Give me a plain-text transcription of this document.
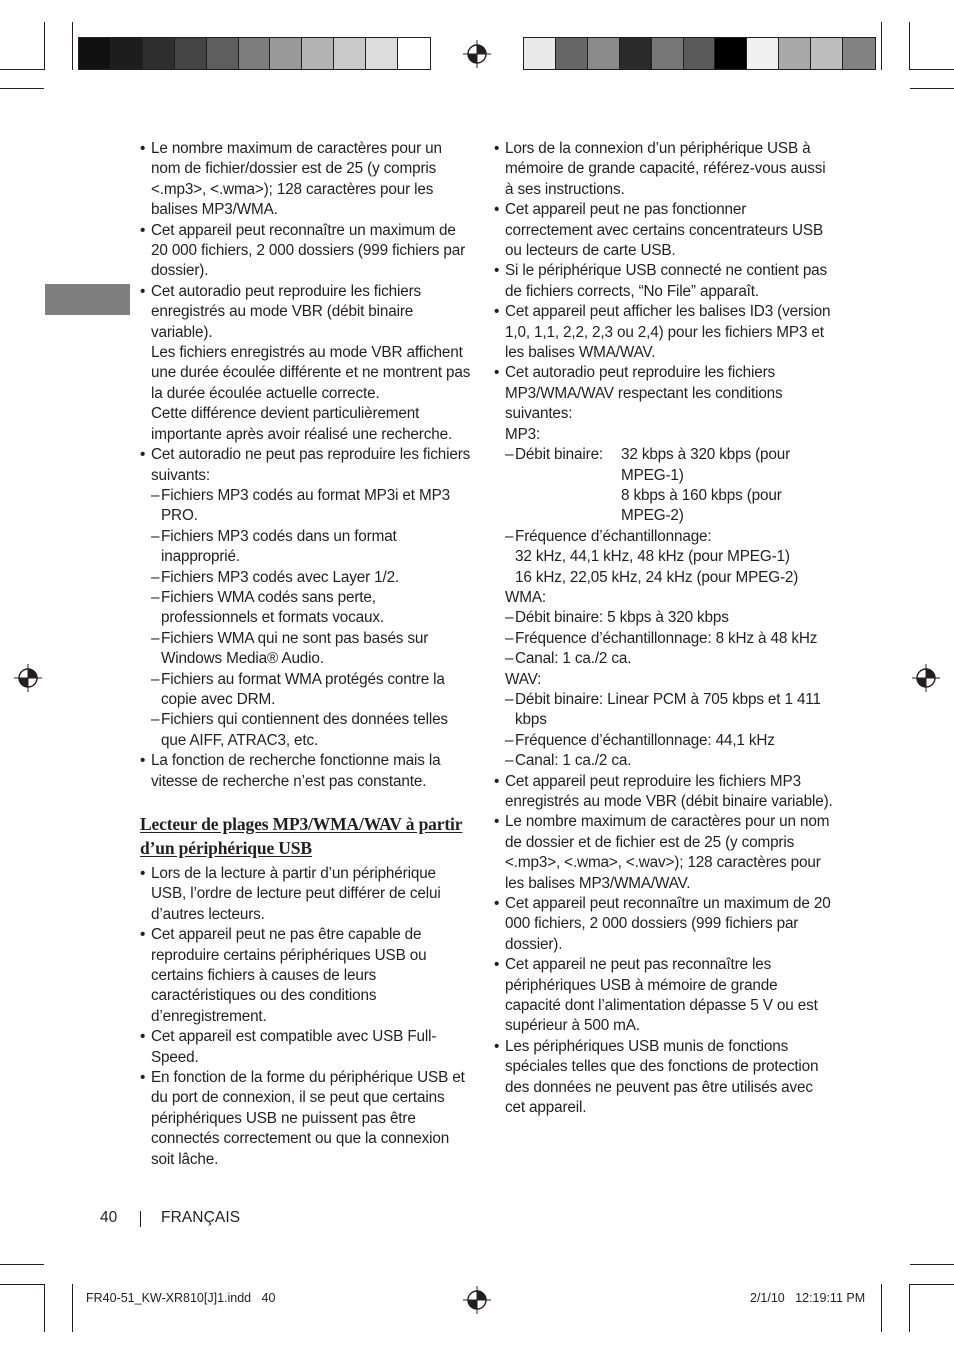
• Le nombre maximum de caractères pour un nom de fichier/dossier est de 25 (y compris <.mp3>, <.wma>); 128 caractères pour les balises MP3/WMA.
• Cet appareil peut reconnaître un maximum de 20 000 fichiers, 2 000 dossiers (999 fichiers par dossier).

• Cet autoradio peut reproduire les fichiers enregistrés au mode VBR (débit binaire variable).

Les fichiers enregistrés au mode VBR affichent une durée écoulée différente et ne montrent pas la durée écoulée actuelle correcte.

Cette différence devient particulièrement importante après avoir réalisé une recherche.

• Cet autoradio ne peut pas reproduire les fichiers suivants:
– Fichiers MP3 codés au format MP3i et MP3 PRO.
– Fichiers MP3 codés dans un format inapproprié.
– Fichiers MP3 codés avec Layer 1/2.
– Fichiers WMA codés sans perte, professionnels et formats vocaux.
– Fichiers WMA qui ne sont pas basés sur Windows Media® Audio.
– Fichiers au format WMA protégés contre la copie avec DRM.
– Fichiers qui contiennent des données telles que AIFF, ATRAC3, etc.
• La fonction de recherche fonctionne mais la vitesse de recherche n’est pas constante.
Lecteur de plages MP3/WMA/WAV à partir d’un périphérique USB
• Lors de la lecture à partir d’un périphérique USB, l’ordre de lecture peut différer de celui d’autres lecteurs.
• Cet appareil peut ne pas être capable de reproduire certains périphériques USB ou certains fichiers à causes de leurs caractéristiques ou des conditions d’enregistrement.
• Cet appareil est compatible avec USB Full-Speed.
• En fonction de la forme du périphérique USB et du port de connexion, il se peut que certains périphériques USB ne puissent pas être connectés correctement ou que la connexion soit lâche.
• Lors de la connexion d’un périphérique USB à mémoire de grande capacité, référez-vous aussi à ses instructions.
• Cet appareil peut ne pas fonctionner correctement avec certains concentrateurs USB ou lecteurs de carte USB.
• Si le périphérique USB connecté ne contient pas de fichiers corrects, “No File” apparaît.
• Cet appareil peut afficher les balises ID3 (version 1,0, 1,1, 2,2, 2,3 ou 2,4) pour les fichiers MP3 et les balises WMA/WAV.
• Cet autoradio peut reproduire les fichiers MP3/WMA/WAV respectant les conditions suivantes:
MP3:
– Débit binaire:	32 kbps à 320 kbps (pour MPEG-1)
8 kbps à 160 kbps (pour MPEG-2)
– Fréquence d’échantillonnage:
32 kHz, 44,1 kHz, 48 kHz (pour MPEG-1)
16 kHz, 22,05 kHz, 24 kHz (pour MPEG-2)
WMA:
– Débit binaire: 5 kbps à 320 kbps
– Fréquence d’échantillonnage: 8 kHz à 48 kHz
– Canal: 1 ca./2 ca.
WAV:
– Débit binaire: Linear PCM à 705 kbps et 1 411 kbps
– Fréquence d’échantillonnage: 44,1 kHz
– Canal: 1 ca./2 ca.
• Cet appareil peut reproduire les fichiers MP3 enregistrés au mode VBR (débit binaire variable).
• Le nombre maximum de caractères pour un nom de dossier et de fichier est de 25 (y compris <.mp3>, <.wma>, <.wav>); 128 caractères pour les balises MP3/WMA/WAV.
• Cet appareil peut reconnaître un maximum de 20 000 fichiers, 2 000 dossiers (999 fichiers par dossier).
• Cet appareil ne peut pas reconnaître les périphériques USB à mémoire de grande capacité dont l’alimentation dépasse 5 V ou est supérieur à 500 mA.
• Les périphériques USB munis de fonctions spéciales telles que des fonctions de protection des données ne peuvent pas être utilisés avec cet appareil.
40	FRANÇAIS
FR40-51_KW-XR810[J]1.indd   40	2/1/10   12:19:11 PM
